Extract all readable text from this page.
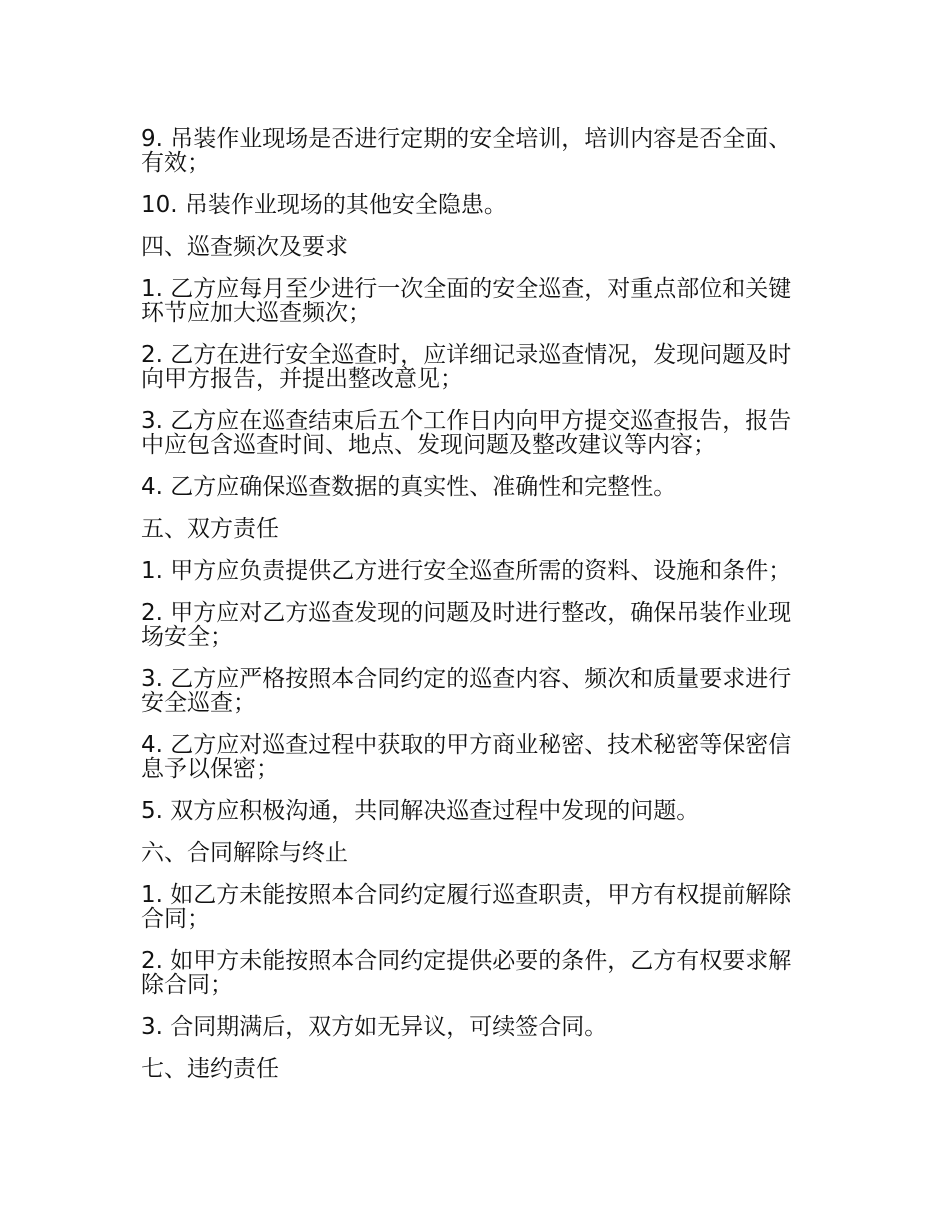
9. 吊装作业现场是否进行定期的安全培训，培训内容是否全面、有效；

10. 吊装作业现场的其他安全隐患。

四、巡查频次及要求

1. 乙方应每月至少进行一次全面的安全巡查，对重点部位和关键环节应加大巡查频次；

2. 乙方在进行安全巡查时，应详细记录巡查情况，发现问题及时向甲方报告，并提出整改意见；

3. 乙方应在巡查结束后五个工作日内向甲方提交巡查报告，报告中应包含巡查时间、地点、发现问题及整改建议等内容；

4. 乙方应确保巡查数据的真实性、准确性和完整性。

五、双方责任

1. 甲方应负责提供乙方进行安全巡查所需的资料、设施和条件；

2. 甲方应对乙方巡查发现的问题及时进行整改，确保吊装作业现场安全；

3. 乙方应严格按照本合同约定的巡查内容、频次和质量要求进行安全巡查；

4. 乙方应对巡查过程中获取的甲方商业秘密、技术秘密等保密信息予以保密；

5. 双方应积极沟通，共同解决巡查过程中发现的问题。

六、合同解除与终止

1. 如乙方未能按照本合同约定履行巡查职责，甲方有权提前解除合同；

2. 如甲方未能按照本合同约定提供必要的条件，乙方有权要求解除合同；

3. 合同期满后，双方如无异议，可续签合同。

七、违约责任
